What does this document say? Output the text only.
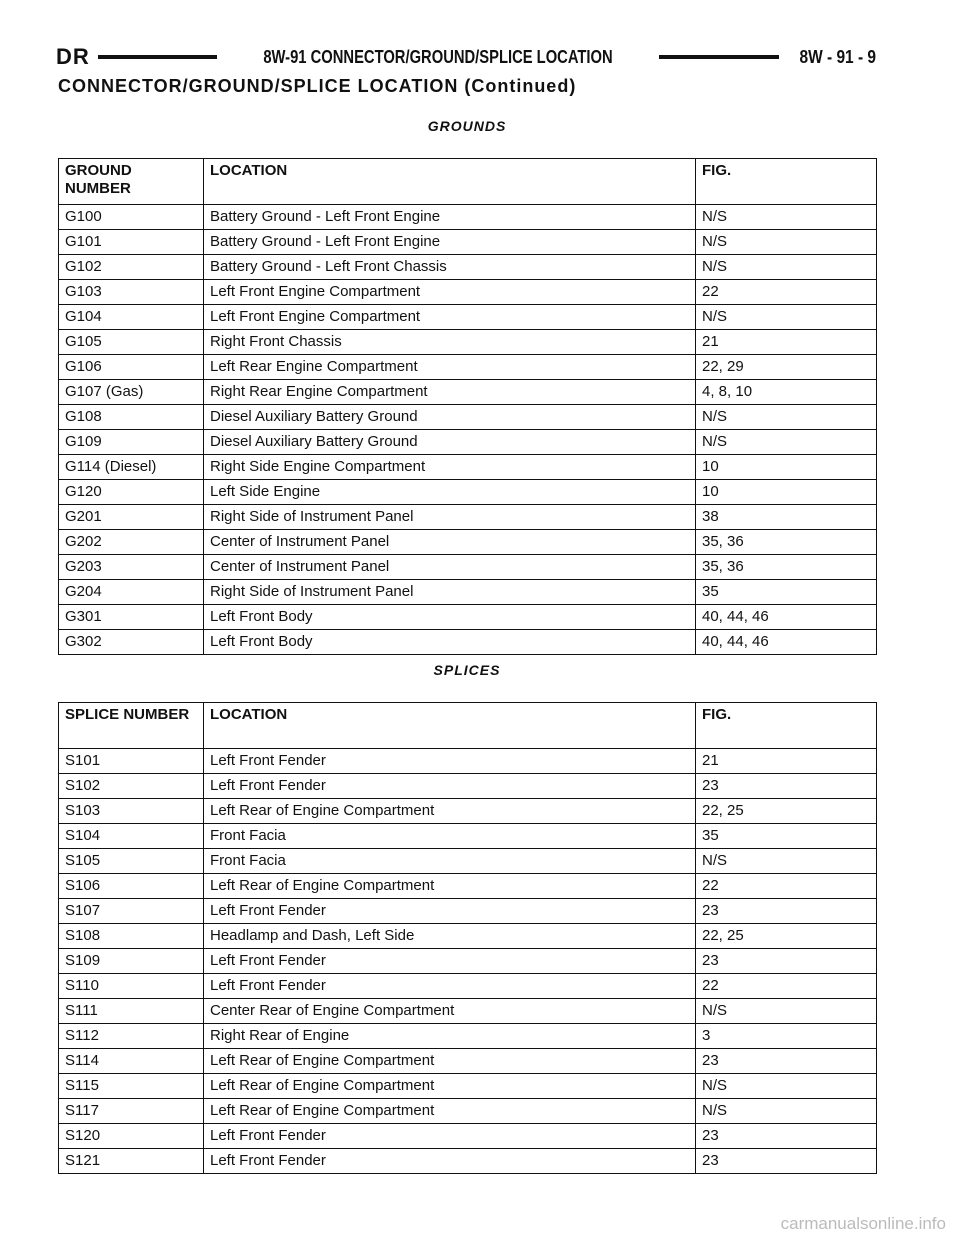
DR	8W-91 CONNECTOR/GROUND/SPLICE LOCATION	8W - 91 - 9
CONNECTOR/GROUND/SPLICE LOCATION (Continued)
GROUNDS
GROUND NUMBER	LOCATION	FIG.
G100	Battery Ground - Left Front Engine	N/S
G101	Battery Ground - Left Front Engine	N/S
G102	Battery Ground - Left Front Chassis	N/S
G103	Left Front Engine Compartment	22
G104	Left Front Engine Compartment	N/S
G105	Right Front Chassis	21
G106	Left Rear Engine Compartment	22, 29
G107 (Gas)	Right Rear Engine Compartment	4, 8, 10
G108	Diesel Auxiliary Battery Ground	N/S
G109	Diesel Auxiliary Battery Ground	N/S
G114 (Diesel)	Right Side Engine Compartment	10
G120	Left Side Engine	10
G201	Right Side of Instrument Panel	38
G202	Center of Instrument Panel	35, 36
G203	Center of Instrument Panel	35, 36
G204	Right Side of Instrument Panel	35
G301	Left Front Body	40, 44, 46
G302	Left Front Body	40, 44, 46
SPLICES
SPLICE NUMBER	LOCATION	FIG.
S101	Left Front Fender	21
S102	Left Front Fender	23
S103	Left Rear of Engine Compartment	22, 25
S104	Front Facia	35
S105	Front Facia	N/S
S106	Left Rear of Engine Compartment	22
S107	Left Front Fender	23
S108	Headlamp and Dash, Left Side	22, 25
S109	Left Front Fender	23
S110	Left Front Fender	22
S111	Center Rear of Engine Compartment	N/S
S112	Right Rear of Engine	3
S114	Left Rear of Engine Compartment	23
S115	Left Rear of Engine Compartment	N/S
S117	Left Rear of Engine Compartment	N/S
S120	Left Front Fender	23
S121	Left Front Fender	23
carmanualsonline.info
